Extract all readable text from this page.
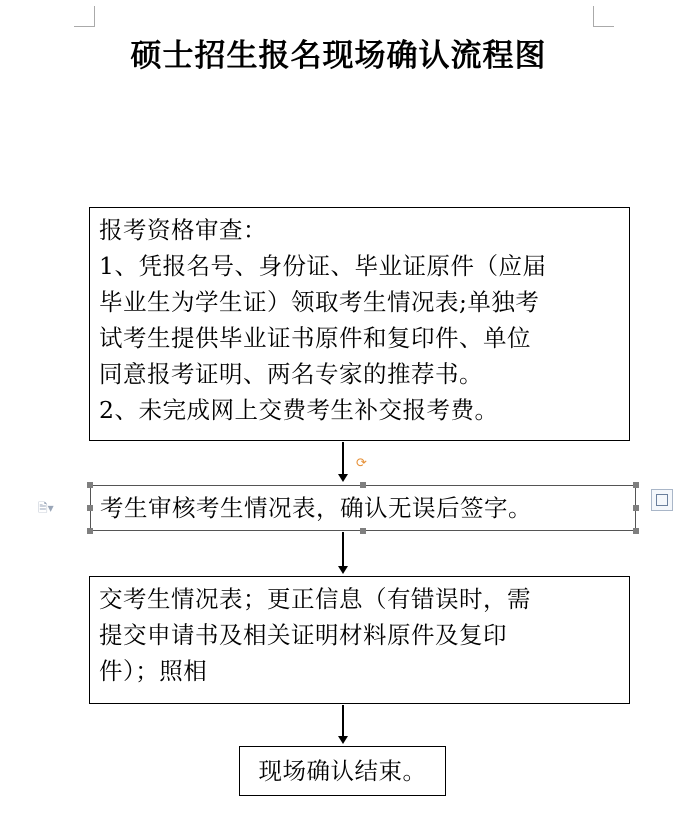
硕士招生报名现场确认流程图
报考资格审查：
1、凭报名号、身份证、毕业证原件（应届
毕业生为学生证）领取考生情况表;单独考
试考生提供毕业证书原件和复印件、单位
同意报考证明、两名专家的推荐书。
2、未完成网上交费考生补交报考费。
考生审核考生情况表，确认无误后签字。
⟳
🗎▾
交考生情况表；更正信息（有错误时，需
提交申请书及相关证明材料原件及复印
件）；照相
现场确认结束。
